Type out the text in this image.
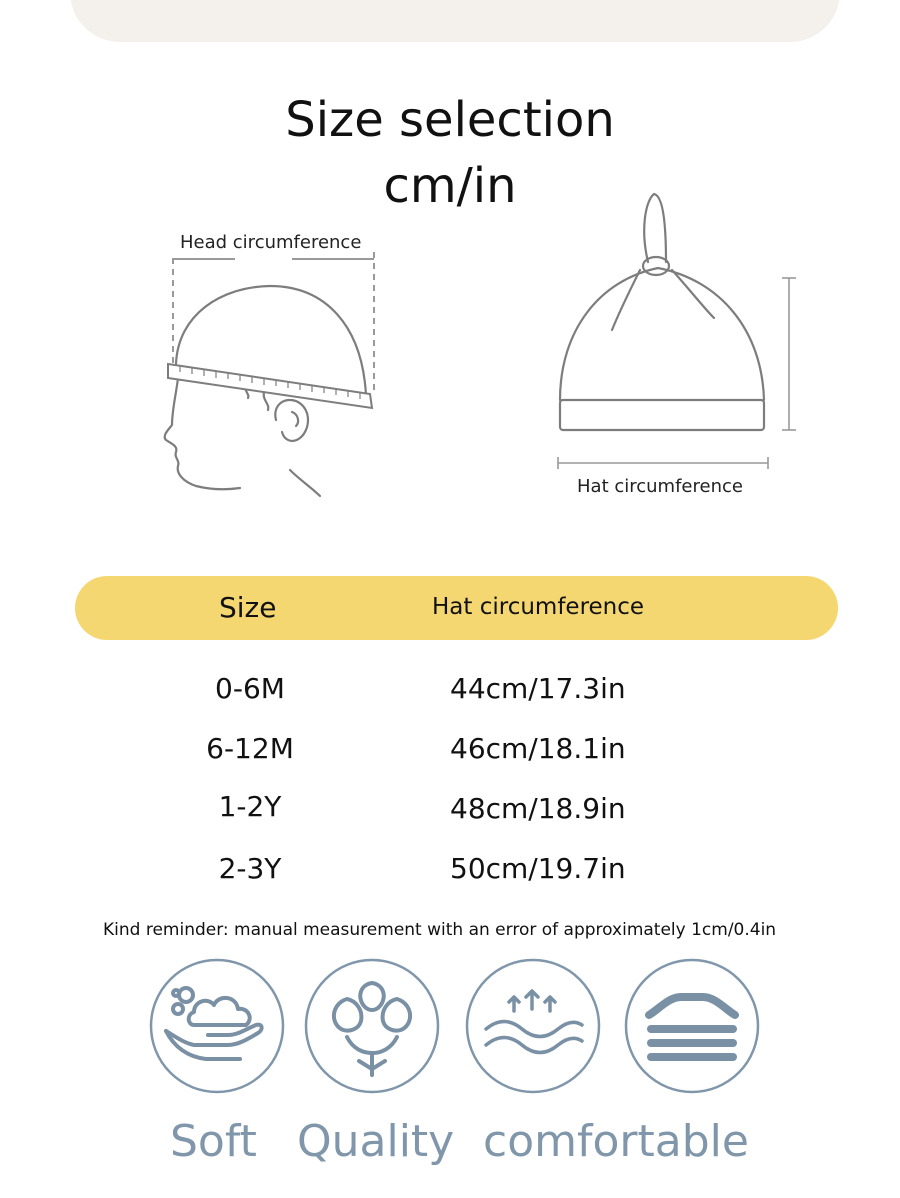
Size selection
cm/in
Head circumference
Hat circumference
Size	Hat circumference
0-6M	44cm/17.3in
6-12M	46cm/18.1in
1-2Y	48cm/18.9in
2-3Y	50cm/19.7in
Kind reminder: manual measurement with an error of approximately 1cm/0.4in
Soft Quality comfortable
